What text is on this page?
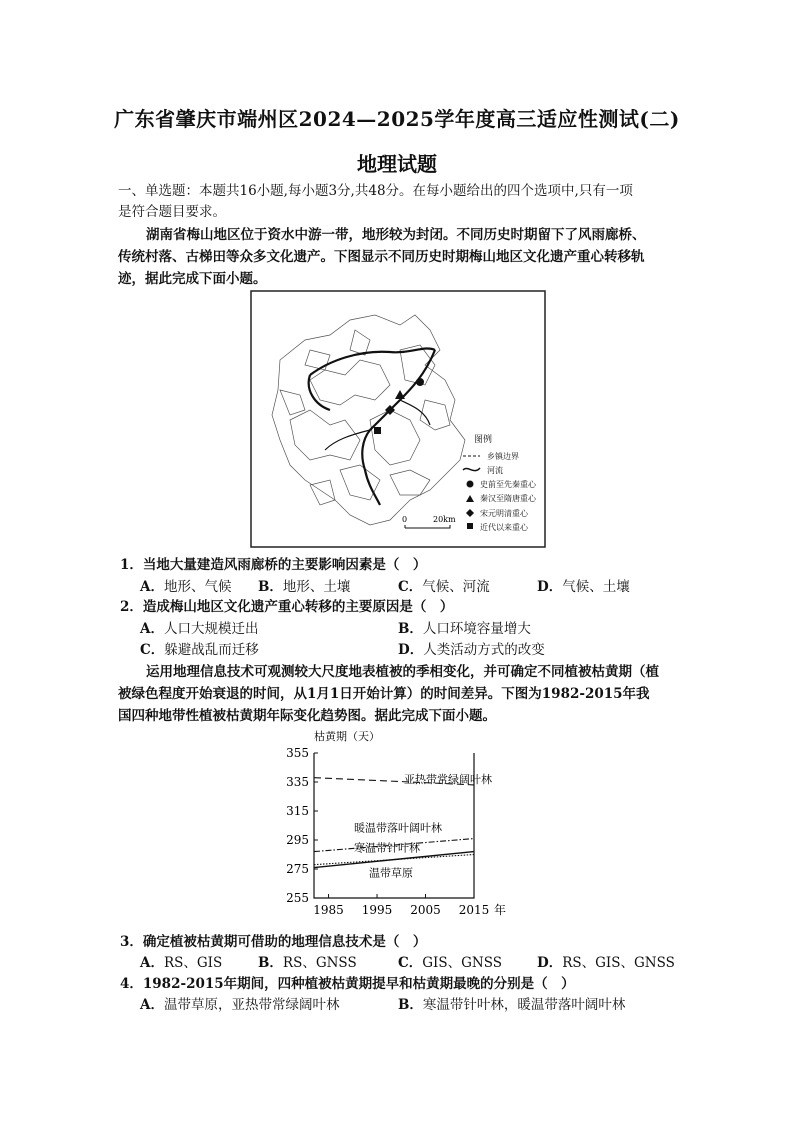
广东省肇庆市端州区2024—2025学年度高三适应性测试(二)
地理试题
一、单选题：本题共16小题,每小题3分,共48分。在每小题给出的四个选项中,只有一项
是符合题目要求。
湖南省梅山地区位于资水中游一带，地形较为封闭。不同历史时期留下了风雨廊桥、
传统村落、古梯田等众多文化遗产。下图显示不同历史时期梅山地区文化遗产重心转移轨
迹，据此完成下面小题。
图例
乡镇边界
河流
史前至先秦重心
秦汉至隋唐重心
宋元明清重心
近代以来重心
0	20km
1．当地大量建造风雨廊桥的主要影响因素是（　）
A．地形、气候 B．地形、土壤	C．气候、河流	D．气候、土壤
2．造成梅山地区文化遗产重心转移的主要原因是（　）
A．人口大规模迁出	B．人口环境容量增大
C．躲避战乱而迁移	D．人类活动方式的改变
运用地理信息技术可观测较大尺度地表植被的季相变化，并可确定不同植被枯黄期（植
被绿色程度开始衰退的时间，从1月1日开始计算）的时间差异。下图为1982-2015年我
国四种地带性植被枯黄期年际变化趋势图。据此完成下面小题。
枯黄期（天）
255
275
295
315
335
355
1985 1995 2005 2015 年
亚热带常绿阔叶林
暖温带落叶阔叶林
寒温带针叶林
温带草原
3．确定植被枯黄期可借助的地理信息技术是（　）
A．RS、GIS	B．RS、GNSS	C．GIS、GNSS	D．RS、GIS、GNSS
4．1982-2015年期间，四种植被枯黄期提早和枯黄期最晚的分别是（　）
A．温带草原，亚热带常绿阔叶林	B．寒温带针叶林，暖温带落叶阔叶林
